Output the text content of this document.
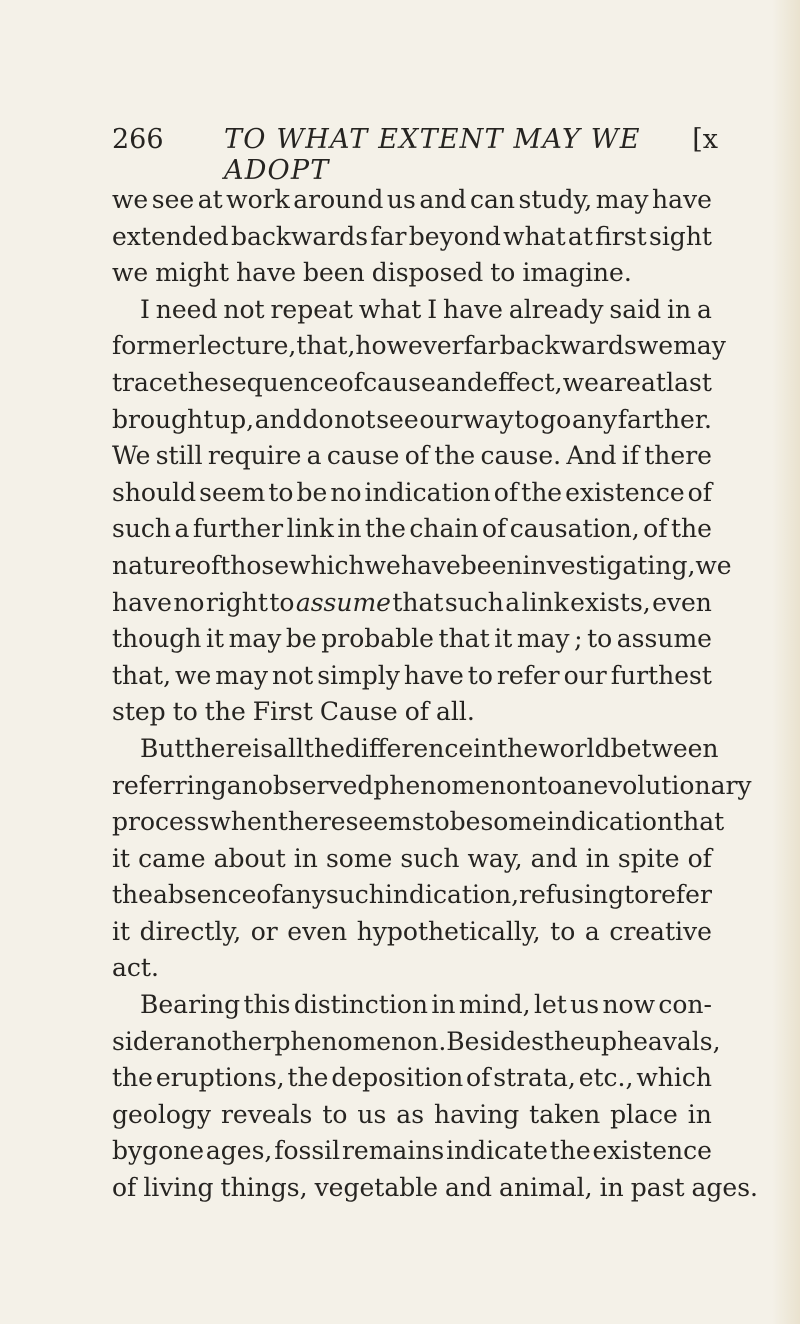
266 TO WHAT EXTENT MAY WE ADOPT
[x
we see at work around us and can study, may have
extended backwards far beyond what at first sight
we might have been disposed to imagine.
I need not repeat what I have already said in a
former lecture, that, however far backwards we may
trace the sequence of cause and effect, we are at last
brought up, and do not see our way to go any farther.
We still require a cause of the cause. And if there
should seem to be no indication of the existence of
such a further link in the chain of causation, of the
nature of those which we have been investigating, we
have no right to assume that such a link exists, even
though it may be probable that it may ; to assume
that, we may not simply have to refer our furthest
step to the First Cause of all.
But there is all the difference in the world between
referring an observed phenomenon to an evolutionary
process when there seems to be some indication that
it came about in some such way, and in spite of
the absence of any such indication, refusing to refer
it directly, or even hypothetically, to a creative
act.
Bearing this distinction in mind, let us now con-
sider another phenomenon. Besides the upheavals,
the eruptions, the deposition of strata, etc., which
geology reveals to us as having taken place in
bygone ages, fossil remains indicate the existence
of living things, vegetable and animal, in past ages.
